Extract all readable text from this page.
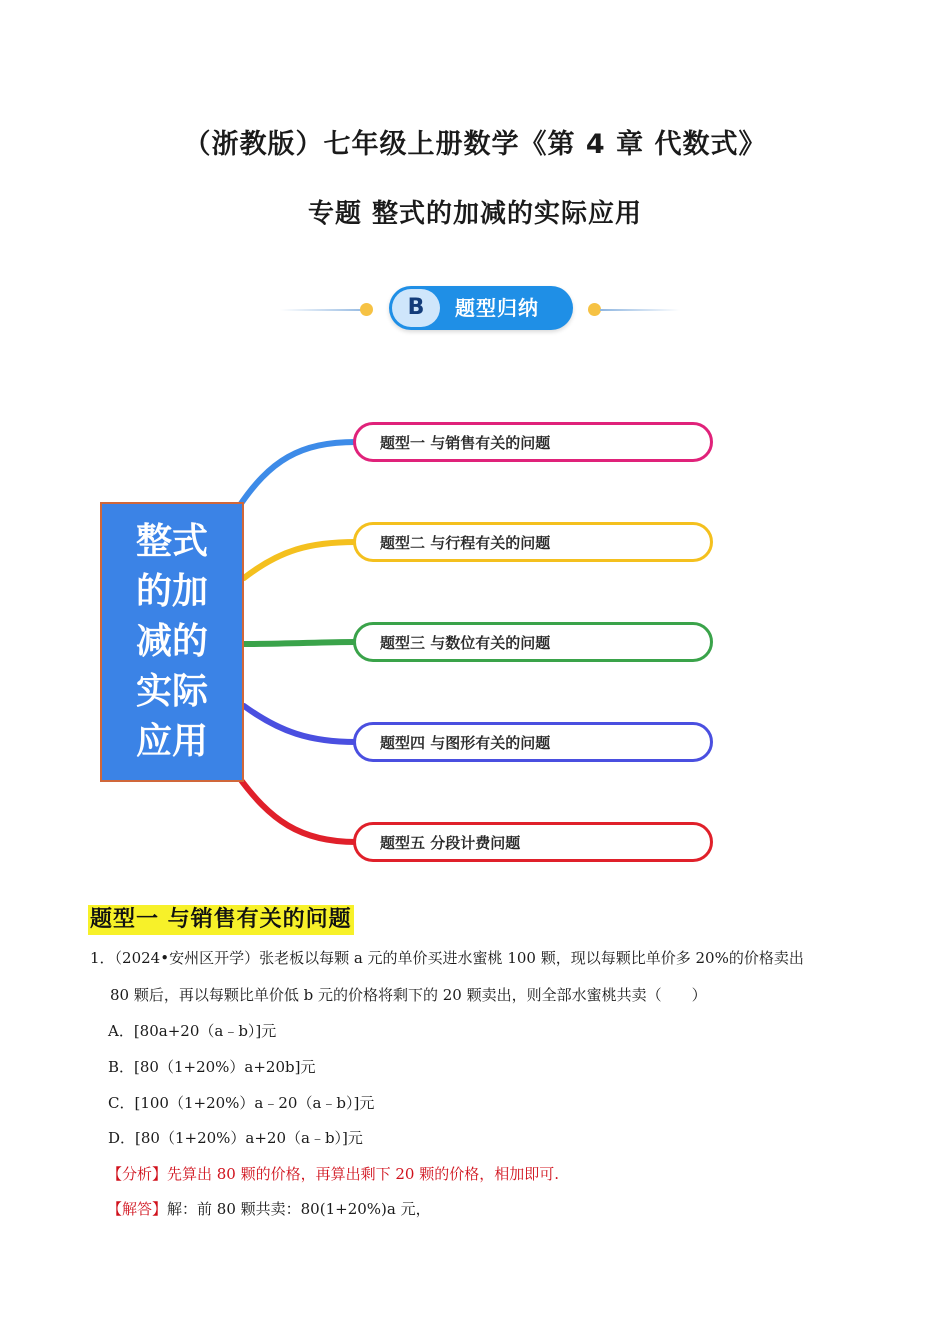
（浙教版）七年级上册数学《第 4 章 代数式》
专题 整式的加减的实际应用
B	题型归纳
整式的加减的实际应用
题型一 与销售有关的问题
题型二 与行程有关的问题
题型三 与数位有关的问题
题型四 与图形有关的问题
题型五 分段计费问题
题型一 与销售有关的问题
1．（2024•安州区开学）张老板以每颗 a 元的单价买进水蜜桃 100 颗，现以每颗比单价多 20%的价格卖出
80 颗后，再以每颗比单价低 b 元的价格将剩下的 20 颗卖出，则全部水蜜桃共卖（　　）
A．[80a+20（a﹣b）]元
B．[80（1+20%）a+20b]元
C．[100（1+20%）a﹣20（a﹣b）]元
D．[80（1+20%）a+20（a﹣b）]元
【分析】先算出 80 颗的价格，再算出剩下 20 颗的价格，相加即可.
【解答】解：前 80 颗共卖：80(1+20%)a 元，
